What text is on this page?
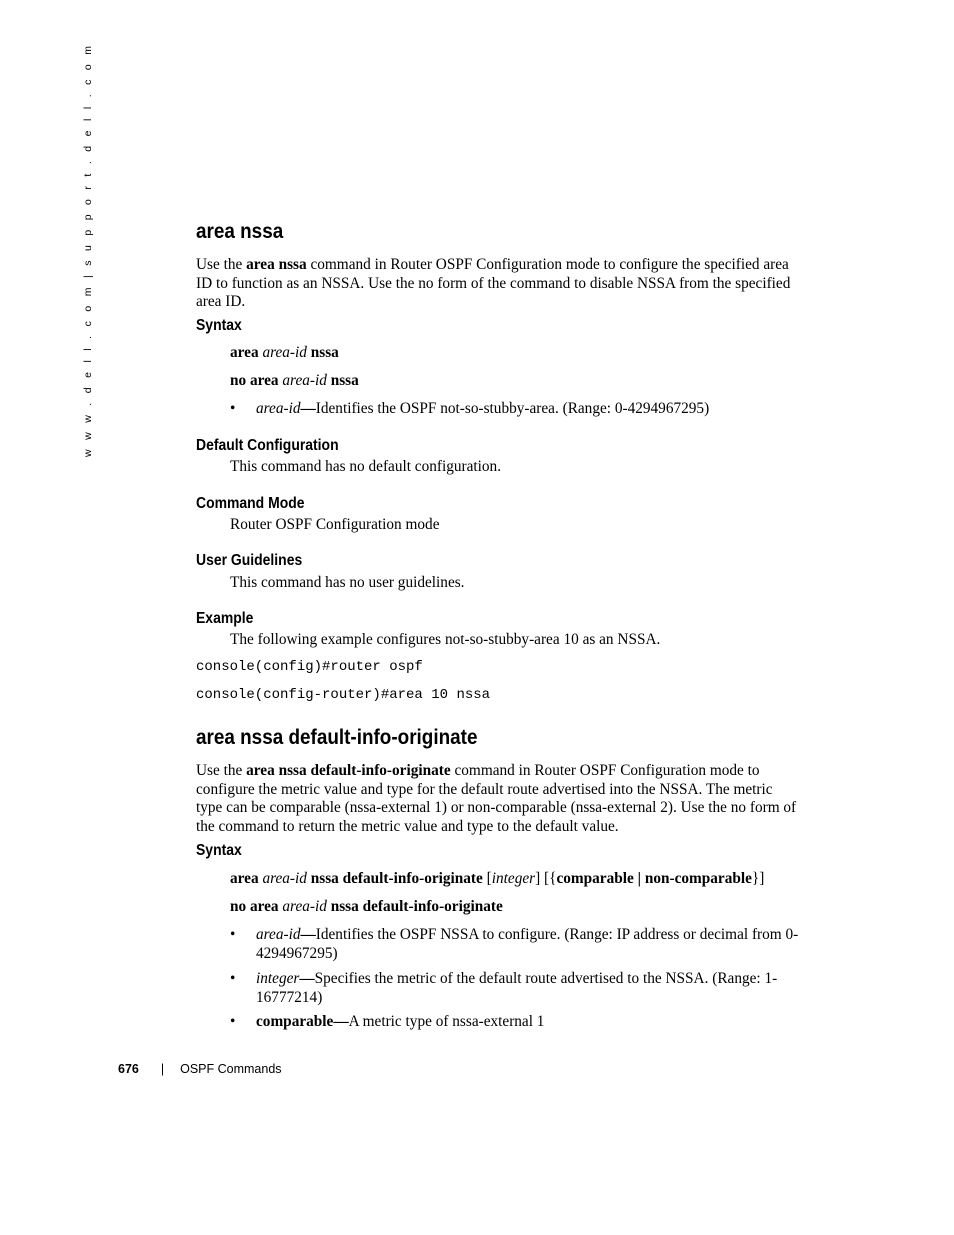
w w w . d e l l . c o m | s u p p o r t . d e l l . c o m	area nssa
Use the area nssa command in Router OSPF Configuration mode to configure the specified area
ID to function as an NSSA. Use the no form of the command to disable NSSA from the specified
area ID.
Syntax
area area-id nssa
no area area-id nssa
• area-id—Identifies the OSPF not-so-stubby-area. (Range: 0-4294967295)
Default Configuration
This command has no default configuration.
Command Mode
Router OSPF Configuration mode
User Guidelines
This command has no user guidelines.
Example
The following example configures not-so-stubby-area 10 as an NSSA.
console(config)#router ospf
console(config-router)#area 10 nssa
area nssa default-info-originate
Use the area nssa default-info-originate command in Router OSPF Configuration mode to
configure the metric value and type for the default route advertised into the NSSA. The metric
type can be comparable (nssa-external 1) or non-comparable (nssa-external 2). Use the no form of
the command to return the metric value and type to the default value.
Syntax
area area-id nssa default-info-originate [integer] [{comparable | non-comparable}]
no area area-id nssa default-info-originate
• area-id—Identifies the OSPF NSSA to configure. (Range: IP address or decimal from 0-
4294967295)
• integer—Specifies the metric of the default route advertised to the NSSA. (Range: 1-
16777214)
• comparable—A metric type of nssa-external 1
676 | OSPF Commands
